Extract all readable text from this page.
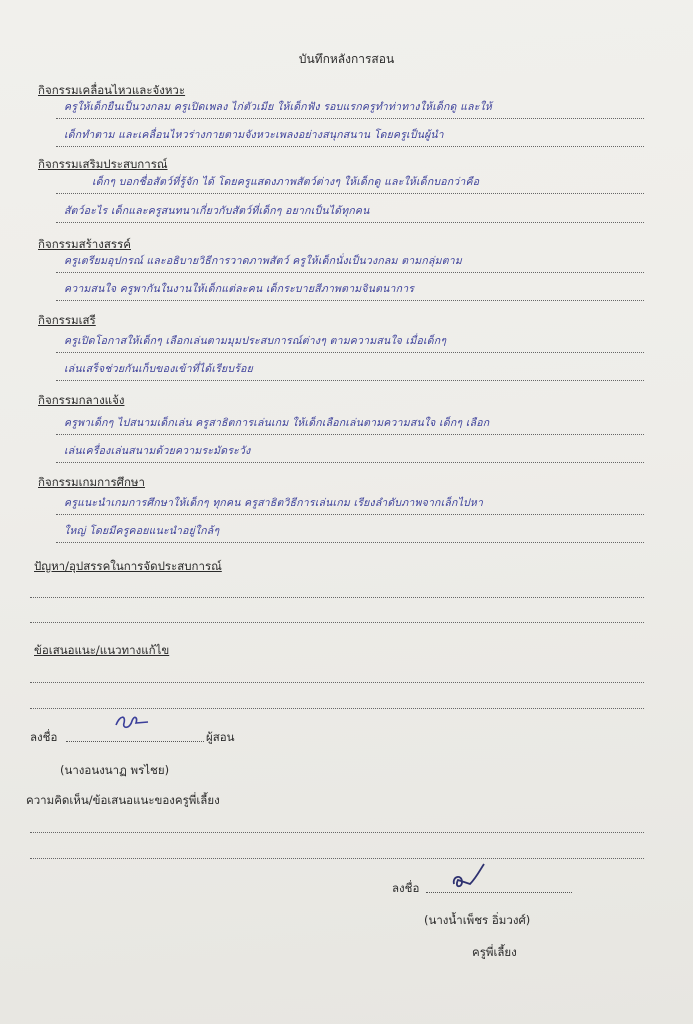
บันทึกหลังการสอน
กิจกรรมเคลื่อนไหวและจังหวะ
ครูให้เด็กยืนเป็นวงกลม ครูเปิดเพลง ไก่ตัวเมีย ให้เด็กฟัง รอบแรกครูทำท่าทางให้เด็กดู และให้
เด็กทำตาม และเคลื่อนไหวร่างกายตามจังหวะเพลงอย่างสนุกสนาน โดยครูเป็นผู้นำ
กิจกรรมเสริมประสบการณ์
เด็กๆ บอกชื่อสัตว์ที่รู้จัก ได้ โดยครูแสดงภาพสัตว์ต่างๆ ให้เด็กดู และให้เด็กบอกว่าคือ
สัตว์อะไร เด็กและครูสนทนาเกี่ยวกับสัตว์ที่เด็กๆ อยากเป็นได้ทุกคน
กิจกรรมสร้างสรรค์
ครูเตรียมอุปกรณ์ และอธิบายวิธีการวาดภาพสัตว์ ครูให้เด็กนั่งเป็นวงกลม ตามกลุ่มตาม
ความสนใจ ครูพากันในงานให้เด็กแต่ละคน เด็กระบายสีภาพตามจินตนาการ
กิจกรรมเสรี
ครูเปิดโอกาสให้เด็กๆ เลือกเล่นตามมุมประสบการณ์ต่างๆ ตามความสนใจ เมื่อเด็กๆ
เล่นเสร็จช่วยกันเก็บของเข้าที่ได้เรียบร้อย
กิจกรรมกลางแจ้ง
ครูพาเด็กๆ ไปสนามเด็กเล่น ครูสาธิตการเล่นเกม ให้เด็กเลือกเล่นตามความสนใจ เด็กๆ เลือก
เล่นเครื่องเล่นสนามด้วยความระมัดระวัง
กิจกรรมเกมการศึกษา
ครูแนะนำเกมการศึกษาให้เด็กๆ ทุกคน ครูสาธิตวิธีการเล่นเกม เรียงลำดับภาพจากเล็กไปหา
ใหญ่ โดยมีครูคอยแนะนำอยู่ใกล้ๆ
ปัญหา/อุปสรรคในการจัดประสบการณ์
ข้อเสนอแนะ/แนวทางแก้ไข
ลงชื่อ	ผู้สอน
(นางอนงนาฏ พรไชย)
ความคิดเห็น/ข้อเสนอแนะของครูพี่เลี้ยง
ลงชื่อ
(นางน้ำเพ็ชร อิ่มวงศ์)
ครูพี่เลี้ยง
